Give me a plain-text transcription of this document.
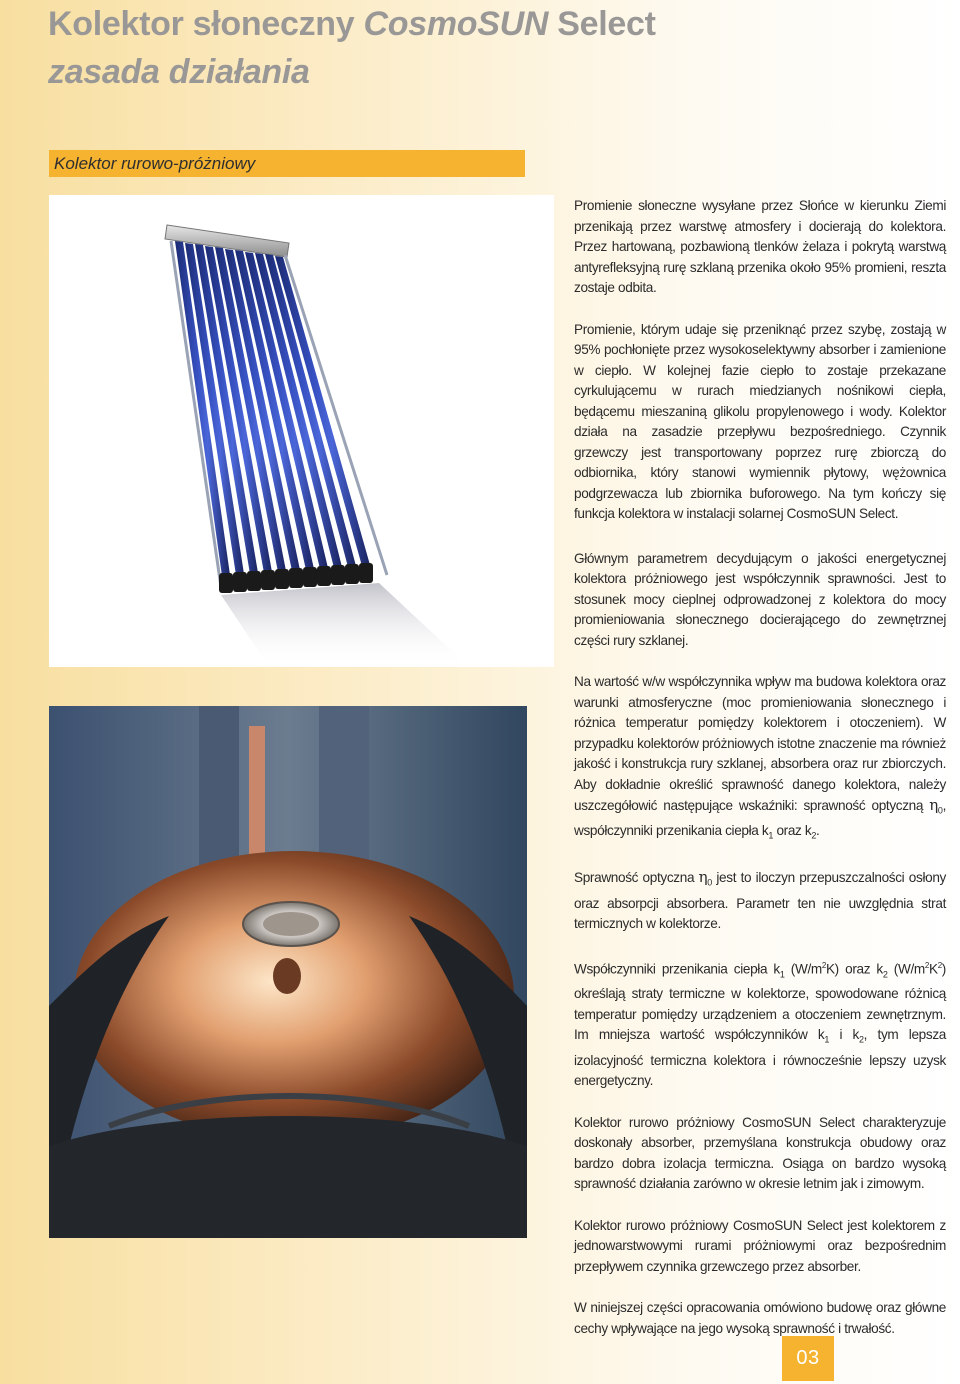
Kolektor słoneczny CosmoSUN Select
zasada działania
Kolektor rurowo-próżniowy

Promienie słoneczne wysyłane przez Słońce w kierunku Ziemi przenikają przez warstwę atmosfery i docierają do kolektora. Przez hartowaną, pozbawioną tlenków żelaza i pokrytą warstwą antyrefleksyjną rurę szklaną przenika około 95% promieni, reszta zostaje odbita.

Promienie, którym udaje się przeniknąć przez szybę, zostają w 95% pochłonięte przez wysokoselektywny absorber i zamienione w ciepło. W kolejnej fazie ciepło to zostaje przekazane cyrkulującemu w rurach miedzianych nośnikowi ciepła, będącemu mieszaniną glikolu propylenowego i wody. Kolektor działa na zasadzie przepływu bezpośredniego. Czynnik grzewczy jest transportowany poprzez rurę zbiorczą do odbiornika, który stanowi wymiennik płytowy, wężownica podgrzewacza lub zbiornika buforowego. Na tym kończy się funkcja kolektora w instalacji solarnej CosmoSUN Select.

Głównym parametrem decydującym o jakości energetycznej kolektora próżniowego jest współczynnik sprawności. Jest to stosunek mocy cieplnej odprowadzonej z kolektora do mocy promieniowania słonecznego docierającego do zewnętrznej części rury szklanej.

Na wartość w/w współczynnika wpływ ma budowa kolektora oraz warunki atmosferyczne (moc promieniowania słonecznego i różnica temperatur pomiędzy kolektorem i otoczeniem). W przypadku kolektorów próżniowych istotne znaczenie ma również jakość i konstrukcja rury szklanej, absorbera oraz rur zbiorczych. Aby dokładnie określić sprawność danego kolektora, należy uszczegółowić następujące wskaźniki: sprawność optyczną $\eta_0$, współczynniki przenikania ciepła $k_1$ oraz $k_2$.

Sprawność optyczna $\eta_0$ jest to iloczyn przepuszczalności osłony oraz absorpcji absorbera. Parametr ten nie uwzględnia strat termicznych w kolektorze.

Współczynniki przenikania ciepła $k_1$ $(W/m^2K)$ oraz $k_2$ $(W/m^2K^2)$ określają straty termiczne w kolektorze, spowodowane różnicą temperatur pomiędzy urządzeniem a otoczeniem zewnętrznym. Im mniejsza wartość współczynników $k_1$ i $k_2$, tym lepsza izolacyjność termiczna kolektora i równocześnie lepszy uzysk energetyczny.

Kolektor rurowo próżniowy CosmoSUN Select charakteryzuje doskonały absorber, przemyślana konstrukcja obudowy oraz bardzo dobra izolacja termiczna. Osiąga on bardzo wysoką sprawność działania zarówno w okresie letnim jak i zimowym.

Kolektor rurowo próżniowy CosmoSUN Select jest kolektorem z jednowarstwowymi rurami próżniowymi oraz bezpośrednim przepływem czynnika grzewczego przez absorber.

W niniejszej części opracowania omówiono budowę oraz główne cechy wpływające na jego wysoką sprawność i trwałość.

03
